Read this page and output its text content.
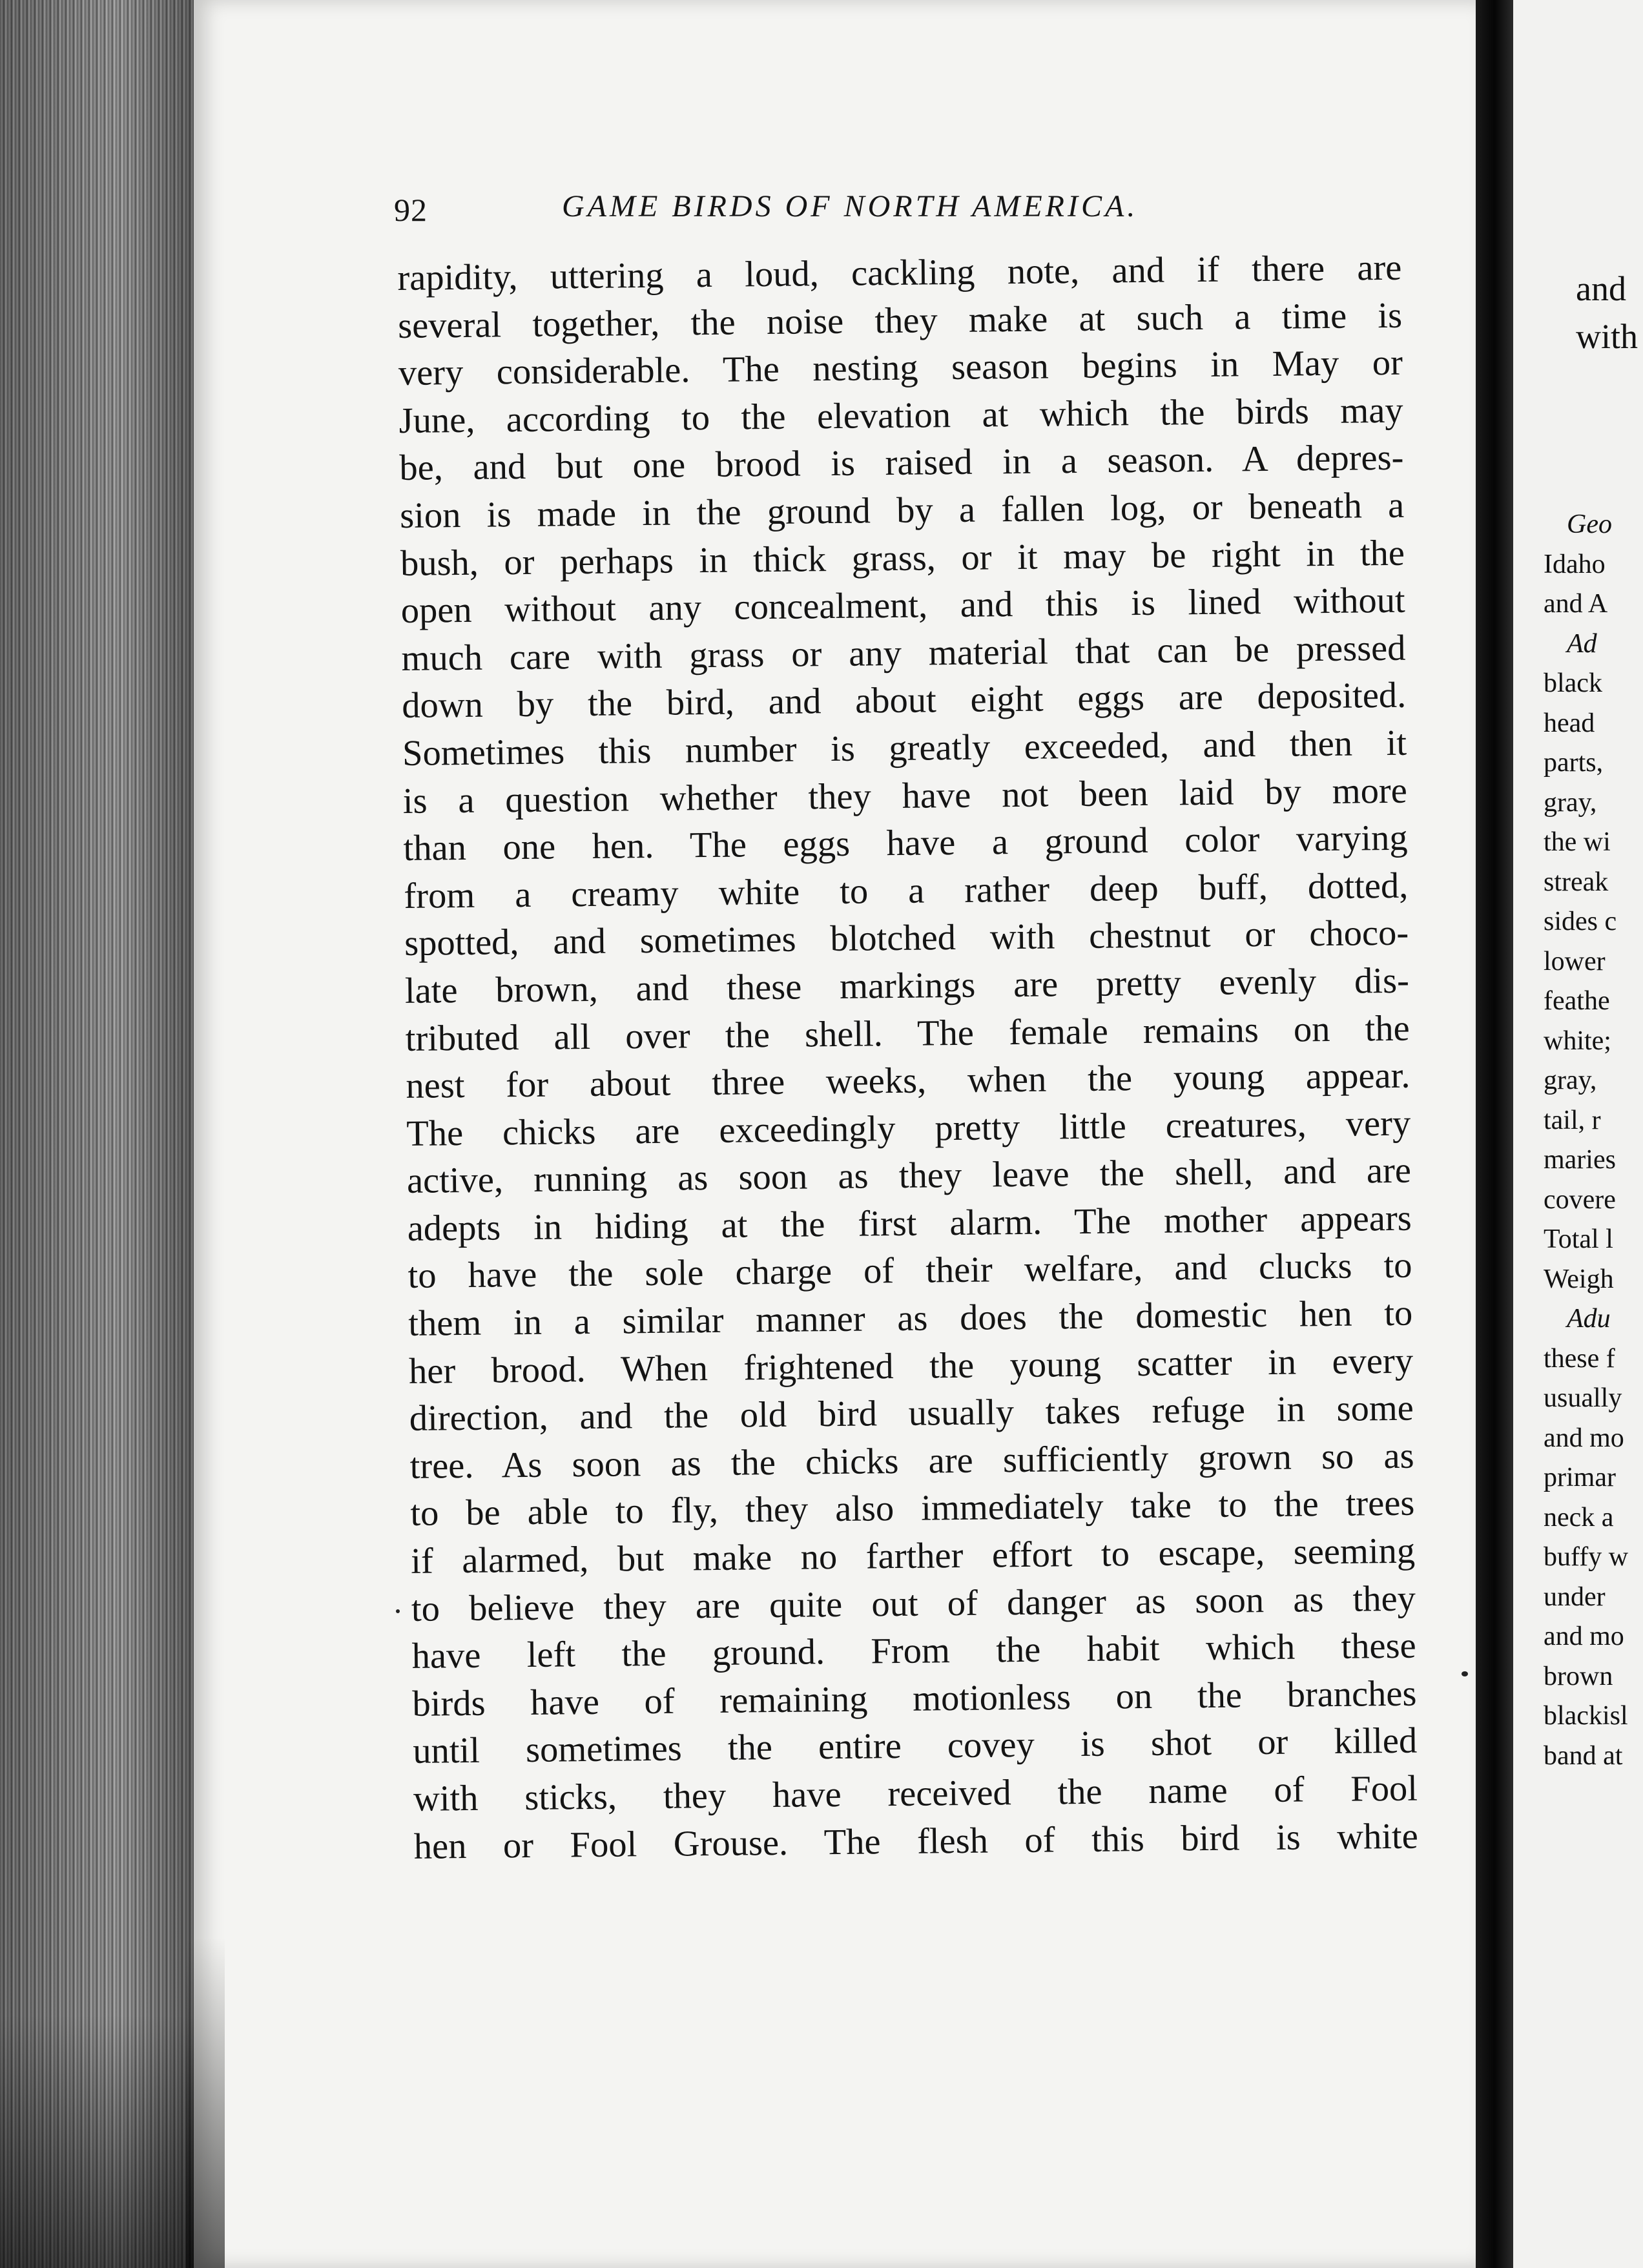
92	GAME BIRDS OF NORTH AMERICA.
rapidity, uttering a loud, cackling note, and if there are
several together, the noise they make at such a time is
very considerable. The nesting season begins in May or
June, according to the elevation at which the birds may
be, and but one brood is raised in a season. A depres-
sion is made in the ground by a fallen log, or beneath a
bush, or perhaps in thick grass, or it may be right in the
open without any concealment, and this is lined without
much care with grass or any material that can be pressed
down by the bird, and about eight eggs are deposited.
Sometimes this number is greatly exceeded, and then it
is a question whether they have not been laid by more
than one hen. The eggs have a ground color varying
from a creamy white to a rather deep buff, dotted,
spotted, and sometimes blotched with chestnut or choco-
late brown, and these markings are pretty evenly dis-
tributed all over the shell. The female remains on the
nest for about three weeks, when the young appear.
The chicks are exceedingly pretty little creatures, very
active, running as soon as they leave the shell, and are
adepts in hiding at the first alarm. The mother appears
to have the sole charge of their welfare, and clucks to
them in a similar manner as does the domestic hen to
her brood. When frightened the young scatter in every
direction, and the old bird usually takes refuge in some
tree. As soon as the chicks are sufficiently grown so as
to be able to fly, they also immediately take to the trees
if alarmed, but make no farther effort to escape, seeming
to believe they are quite out of danger as soon as they
have left the ground. From the habit which these
birds have of remaining motionless on the branches
until sometimes the entire covey is shot or killed
with sticks, they have received the name of Fool
hen or Fool Grouse. The flesh of this bird is white
and
with
Geo
Idaho
and A
Ad
black
head
parts,
gray,
the wi
streak
sides c
lower
feathe
white;
gray,
tail, r
maries
covere
Total l
Weigh
Adu
these f
usually
and mo
primar
neck a
buffy w
under
and mo
brown
blackisl
band at
